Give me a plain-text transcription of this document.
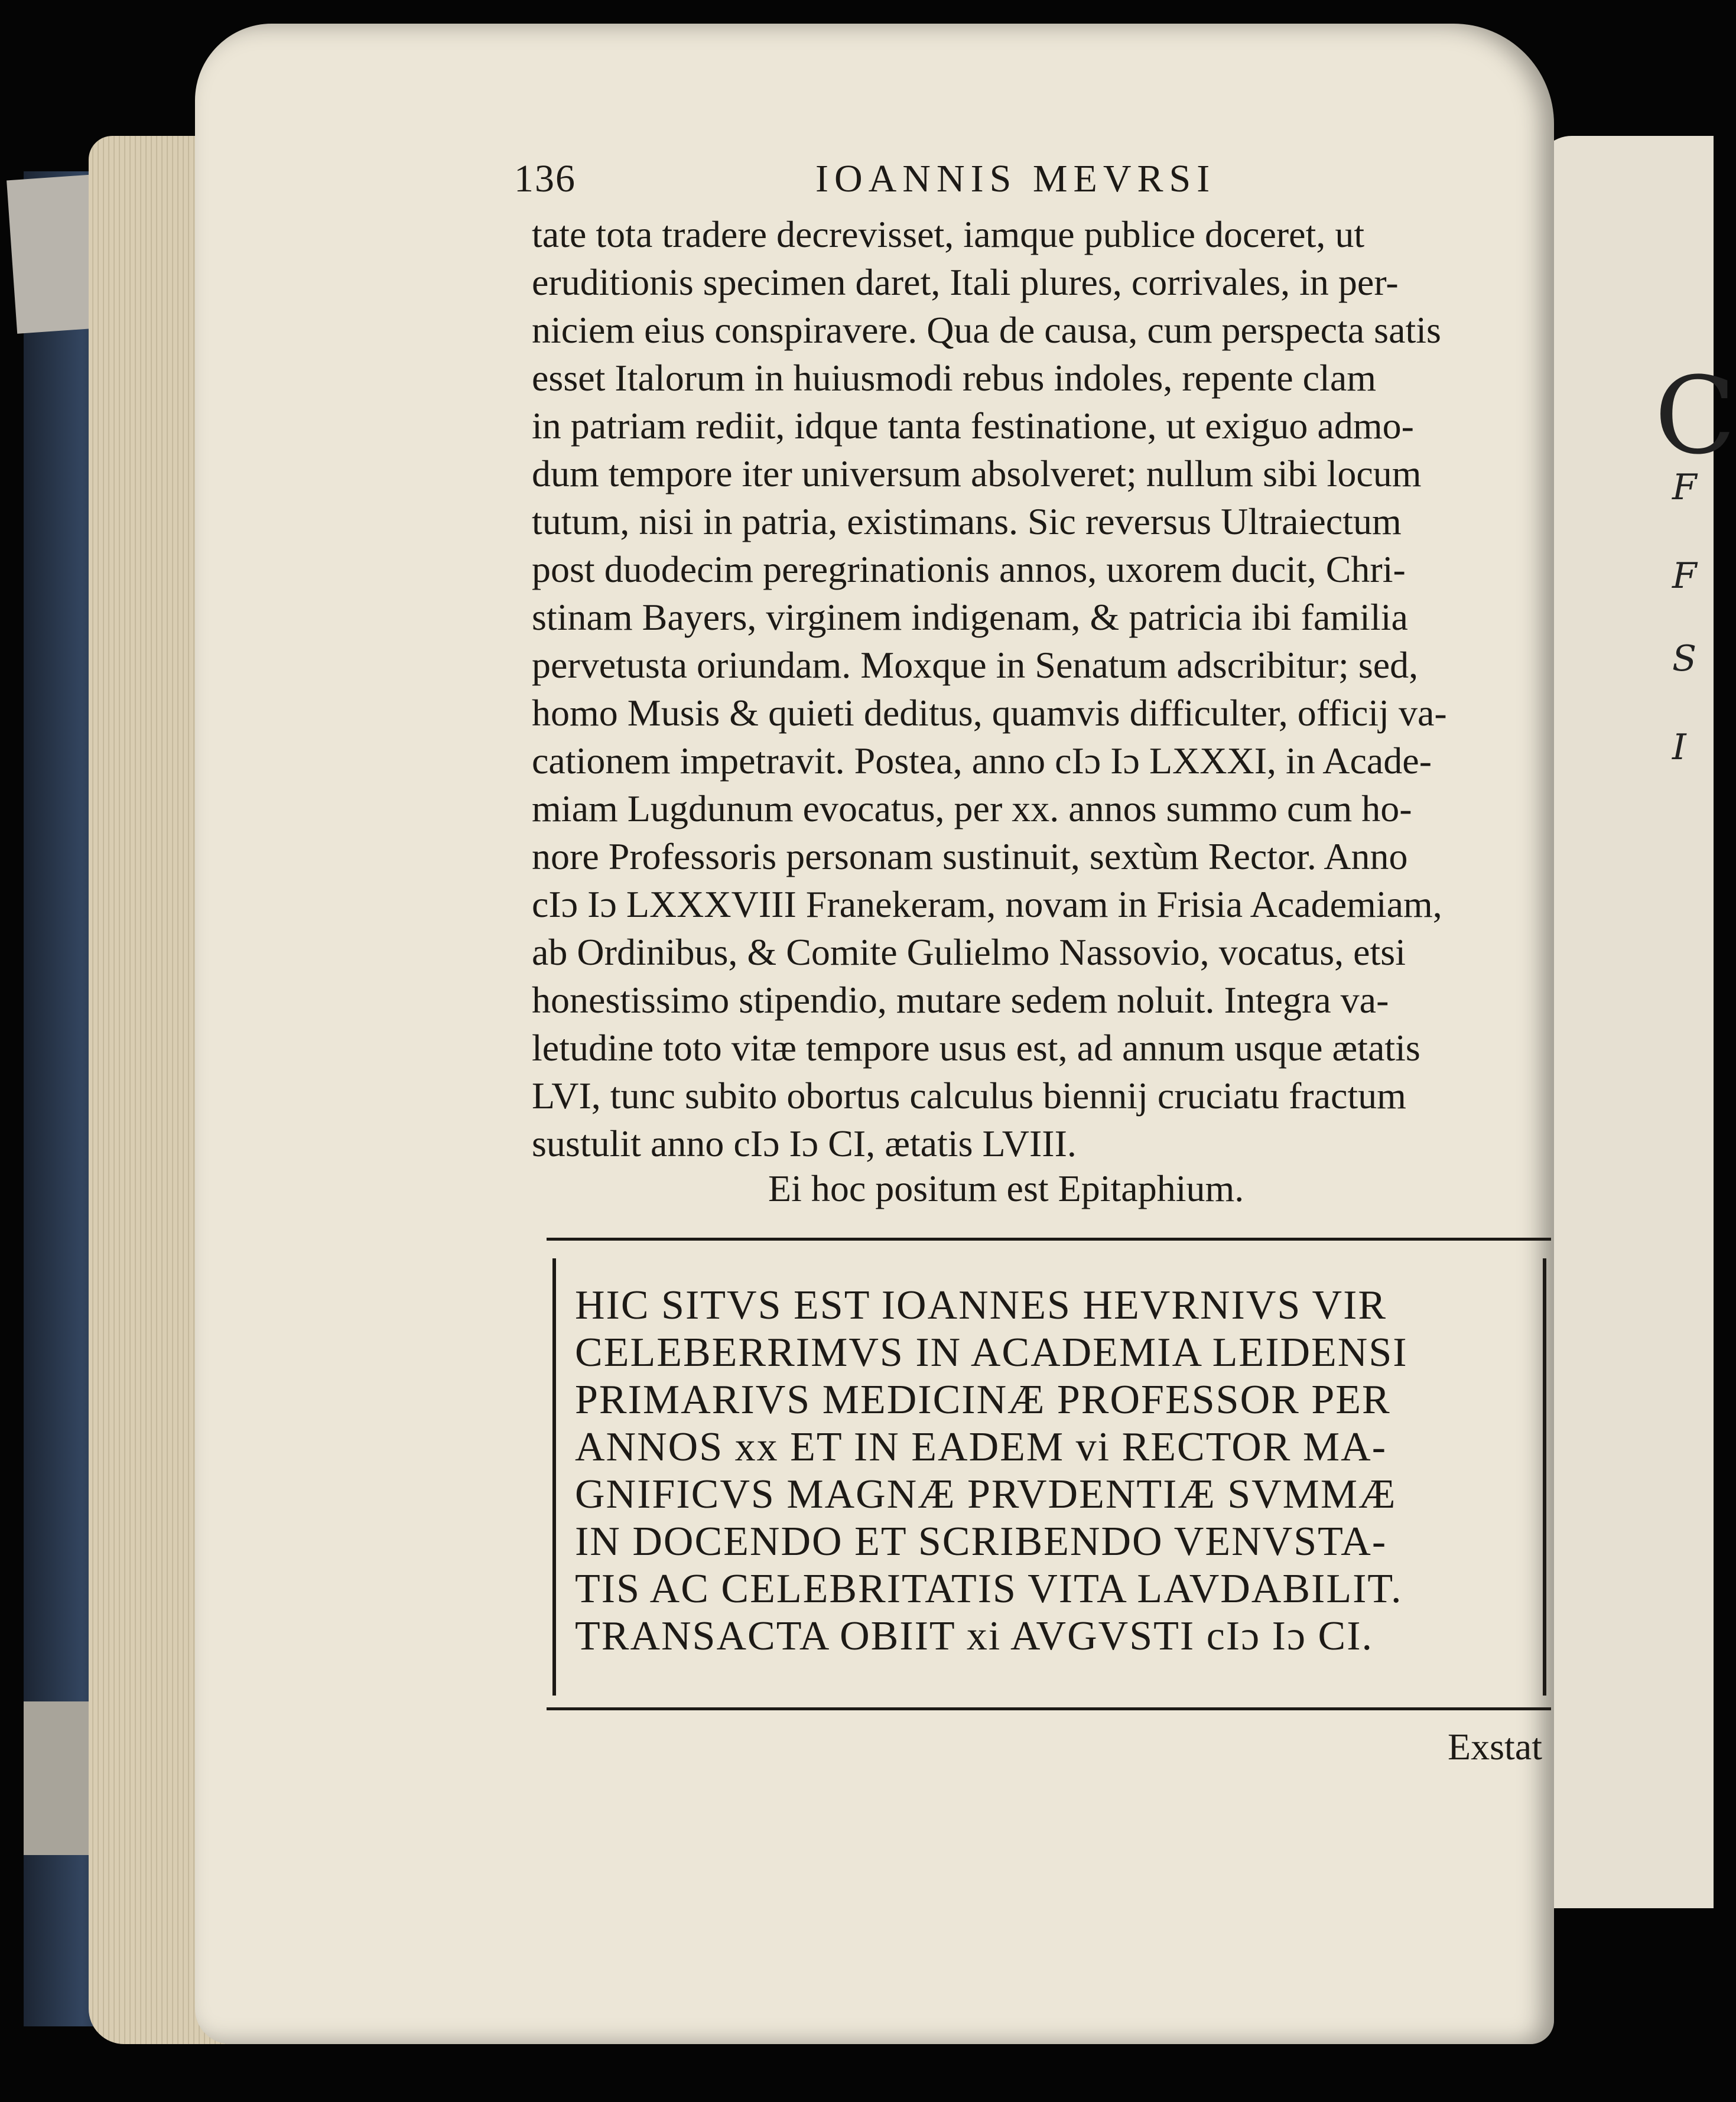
C
F
F
S
I
136	IOANNIS MEVRSI
tate tota tradere decrevisset, iamque publice doceret, ut
eruditionis specimen daret, Itali plures, corrivales, in per-
niciem eius conspiravere. Qua de causa, cum perspecta satis
esset Italorum in huiusmodi rebus indoles, repente clam
in patriam rediit, idque tanta festinatione, ut exiguo admo-
dum tempore iter universum absolveret; nullum sibi locum
tutum, nisi in patria, existimans. Sic reversus Ultraiectum
post duodecim peregrinationis annos, uxorem ducit, Chri-
stinam Bayers, virginem indigenam, & patricia ibi familia
pervetusta oriundam. Moxque in Senatum adscribitur; sed,
homo Musis & quieti deditus, quamvis difficulter, officij va-
cationem impetravit. Postea, anno cIɔ Iɔ LXXXI, in Acade-
miam Lugdunum evocatus, per xx. annos summo cum ho-
nore Professoris personam sustinuit, sextùm Rector. Anno
cIɔ Iɔ LXXXVIII Franekeram, novam in Frisia Academiam,
ab Ordinibus, & Comite Gulielmo Nassovio, vocatus, etsi
honestissimo stipendio, mutare sedem noluit. Integra va-
letudine toto vitæ tempore usus est, ad annum usque ætatis
LVI, tunc subito obortus calculus biennij cruciatu fractum
sustulit anno cIɔ Iɔ CI, ætatis LVIII.
Ei hoc positum est Epitaphium.
HIC SITVS EST IOANNES HEVRNIVS VIR
CELEBERRIMVS IN ACADEMIA LEIDENSI
PRIMARIVS MEDICINÆ PROFESSOR PER
ANNOS xx ET IN EADEM vi RECTOR MA-
GNIFICVS MAGNÆ PRVDENTIÆ SVMMÆ
IN DOCENDO ET SCRIBENDO VENVSTA-
TIS AC CELEBRITATIS VITA LAVDABILIT.
TRANSACTA OBIIT xi AVGVSTI cIɔ Iɔ CI.
Exstat
